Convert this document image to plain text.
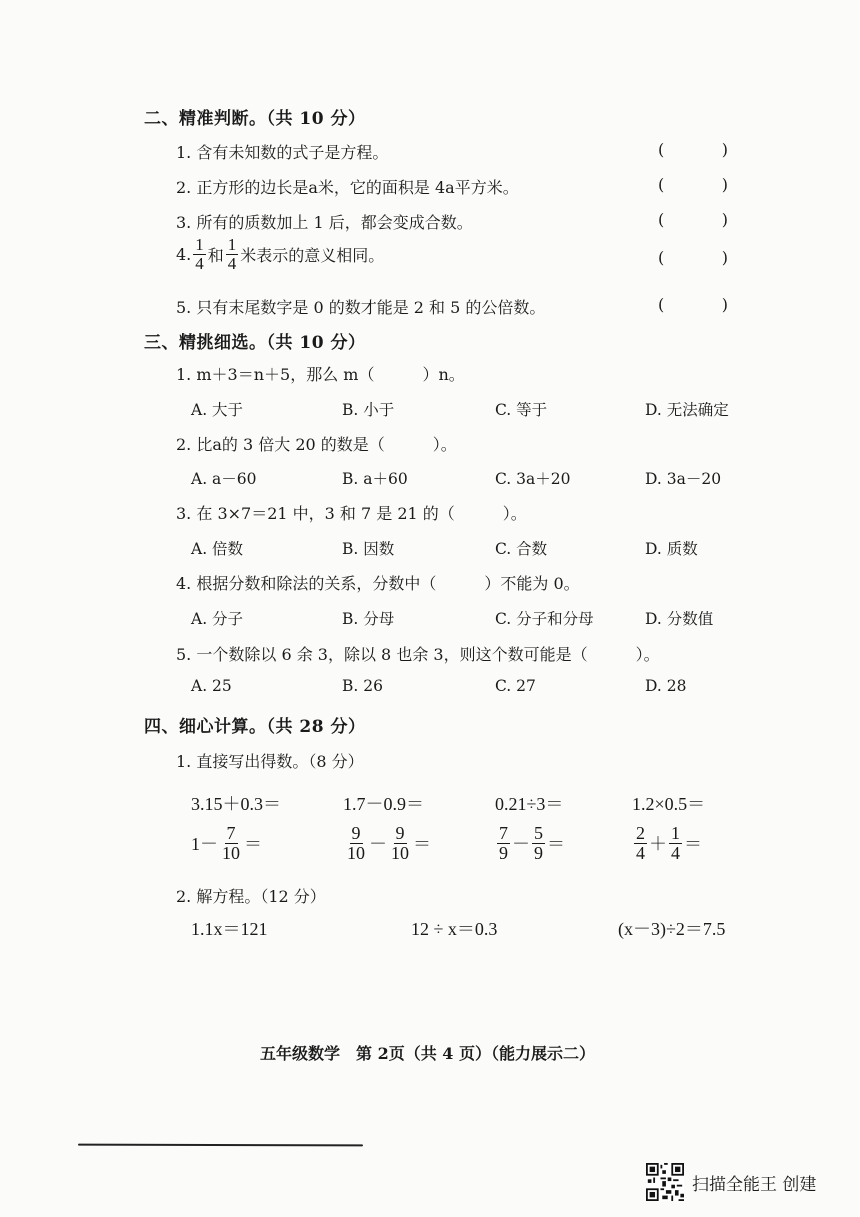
二、精准判断。（共 10 分）
1. 含有未知数的式子是方程。	(	)
2. 正方形的边长是a米，它的面积是 4a平方米。	(	)
3. 所有的质数加上 1 后，都会变成合数。	(	)
4. $\frac{1}{4}$ 和 $\frac{1}{4}$ 米表示的意义相同。	(	)
5. 只有末尾数字是 0 的数才能是 2 和 5 的公倍数。	(	)
三、精挑细选。（共 10 分）
1. m＋3＝n＋5，那么 m（　　　）n。
A. 大于	B. 小于	C. 等于	D. 无法确定
2. 比a的 3 倍大 20 的数是（　　　）。
A. a－60	B. a＋60	C. 3a＋20	D. 3a－20
3. 在 3×7＝21 中，3 和 7 是 21 的（　　　）。
A. 倍数	B. 因数	C. 合数	D. 质数
4. 根据分数和除法的关系，分数中（　　　）不能为 0。
A. 分子	B. 分母	C. 分子和分母	D. 分数值
5. 一个数除以 6 余 3，除以 8 也余 3，则这个数可能是（　　　）。
A. 25	B. 26	C. 27	D. 28
四、细心计算。（共 28 分）
1. 直接写出得数。（8 分）
3.15＋0.3＝	1.7－0.9＝	0.21÷3＝	1.2×0.5＝
$1- \frac{7}{10}$ ＝	$\frac{9}{10} - \frac{9}{10}$ ＝	$\frac{7}{9} - \frac{5}{9}$ ＝	$\frac{2}{4} + \frac{1}{4}$ ＝
2. 解方程。（12 分）
1.1x＝121	12 ÷ x＝0.3	(x－3)÷2＝7.5
五年级数学　第 2页（共 4 页）（能力展示二）
扫描全能王 创建
